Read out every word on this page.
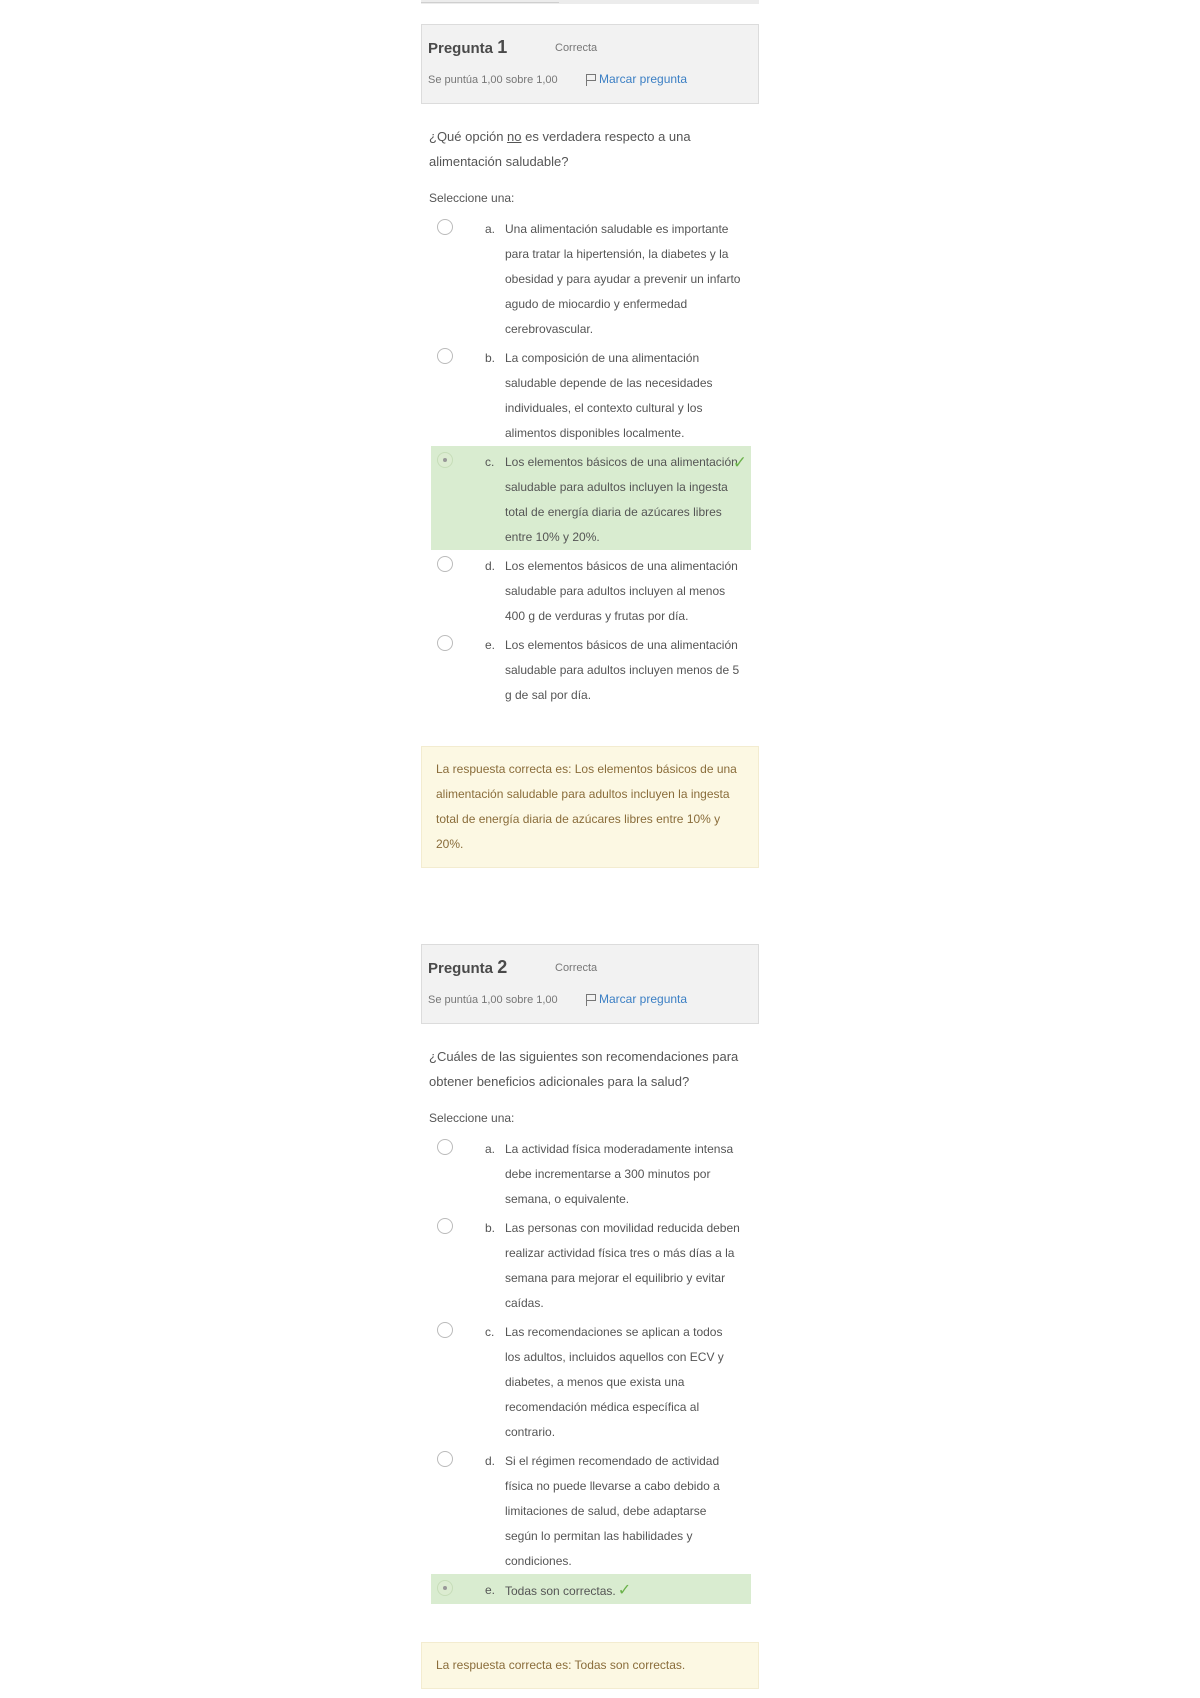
Pregunta 1	Correcta
Se puntúa 1,00 sobre 1,00	Marcar pregunta
¿Qué opción no es verdadera respecto a una alimentación saludable?
Seleccione una:
a. Una alimentación saludable es importante para tratar la hipertensión, la diabetes y la obesidad y para ayudar a prevenir un infarto agudo de miocardio y enfermedad cerebrovascular.
b. La composición de una alimentación saludable depende de las necesidades individuales, el contexto cultural y los alimentos disponibles localmente.
c. Los elementos básicos de una alimentación saludable para adultos incluyen la ingesta total de energía diaria de azúcares libres entre 10% y 20%.
✓
d. Los elementos básicos de una alimentación saludable para adultos incluyen al menos 400 g de verduras y frutas por día.
e. Los elementos básicos de una alimentación saludable para adultos incluyen menos de 5 g de sal por día.
La respuesta correcta es: Los elementos básicos de una alimentación saludable para adultos incluyen la ingesta total de energía diaria de azúcares libres entre 10% y 20%.
Pregunta 2	Correcta
Se puntúa 1,00 sobre 1,00	Marcar pregunta
¿Cuáles de las siguientes son recomendaciones para obtener beneficios adicionales para la salud?
Seleccione una:
a. La actividad física moderadamente intensa debe incrementarse a 300 minutos por semana, o equivalente.
b. Las personas con movilidad reducida deben realizar actividad física tres o más días a la semana para mejorar el equilibrio y evitar caídas.
c. Las recomendaciones se aplican a todos los adultos, incluidos aquellos con ECV y diabetes, a menos que exista una recomendación médica específica al contrario.
d. Si el régimen recomendado de actividad física no puede llevarse a cabo debido a limitaciones de salud, debe adaptarse según lo permitan las habilidades y condiciones.
e. Todas son correctas. ✓
La respuesta correcta es: Todas son correctas.
